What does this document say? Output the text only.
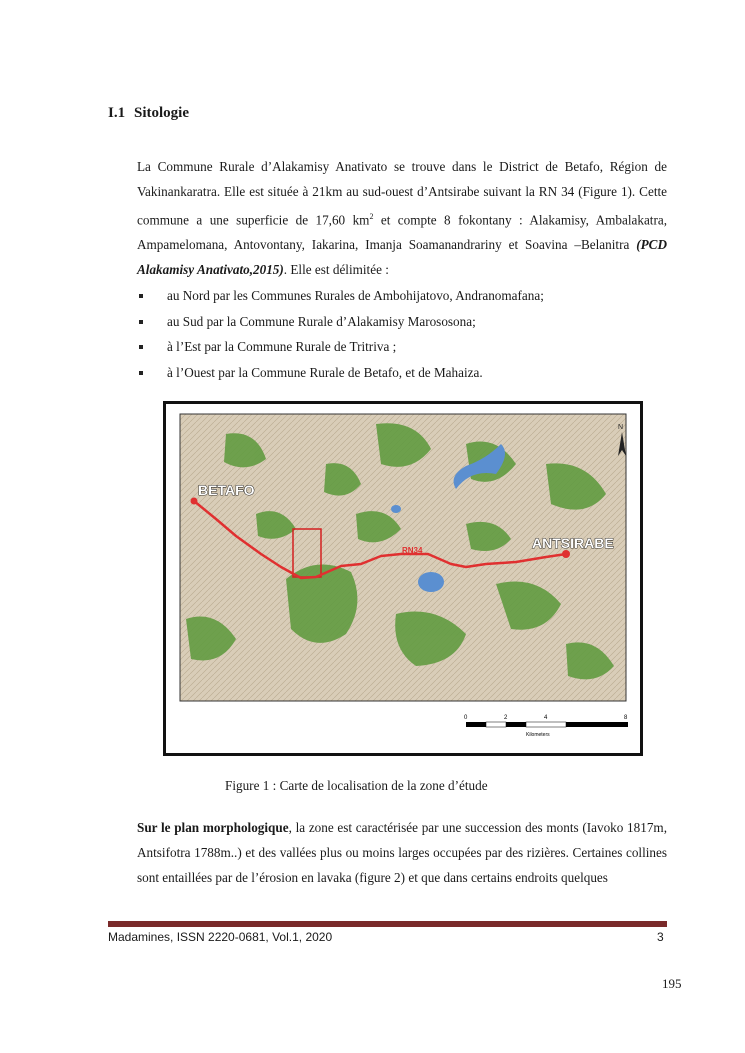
I.1 Sitologie
La Commune Rurale d’Alakamisy Anativato se trouve dans le District de Betafo, Région de Vakinankaratra. Elle est située à 21km au sud-ouest d’Antsirabe suivant la RN 34 (Figure 1). Cette commune a une superficie de 17,60 $km^2$ et compte 8 fokontany : Alakamisy, Ambalakatra, Ampamelomana, Antovontany, Iakarina, Imanja Soamanandrariny et Soavina –Belanitra (PCD Alakamisy Anativato,2015). Elle est délimitée :
au Nord par les Communes Rurales de Ambohijatovo, Andranomafana;
au Sud par la Commune Rurale d’Alakamisy Marososona;
à l’Est par la Commune Rurale de Tritriva ;
à l’Ouest par la Commune Rurale de Betafo, et de Mahaiza.
BETAFO
ANTSIRABE
RN34
N
0	2	4	8
Kilometers
Figure 1 : Carte de localisation de la zone d’étude
Sur le plan morphologique, la zone est caractérisée par une succession des monts (Iavoko 1817m, Antsifotra 1788m..) et des vallées plus ou moins larges occupées par des rizières. Certaines collines sont entaillées par de l’érosion en lavaka (figure 2) et que dans certains endroits quelques
Madamines, ISSN 2220-0681, Vol.1, 2020	3
195
